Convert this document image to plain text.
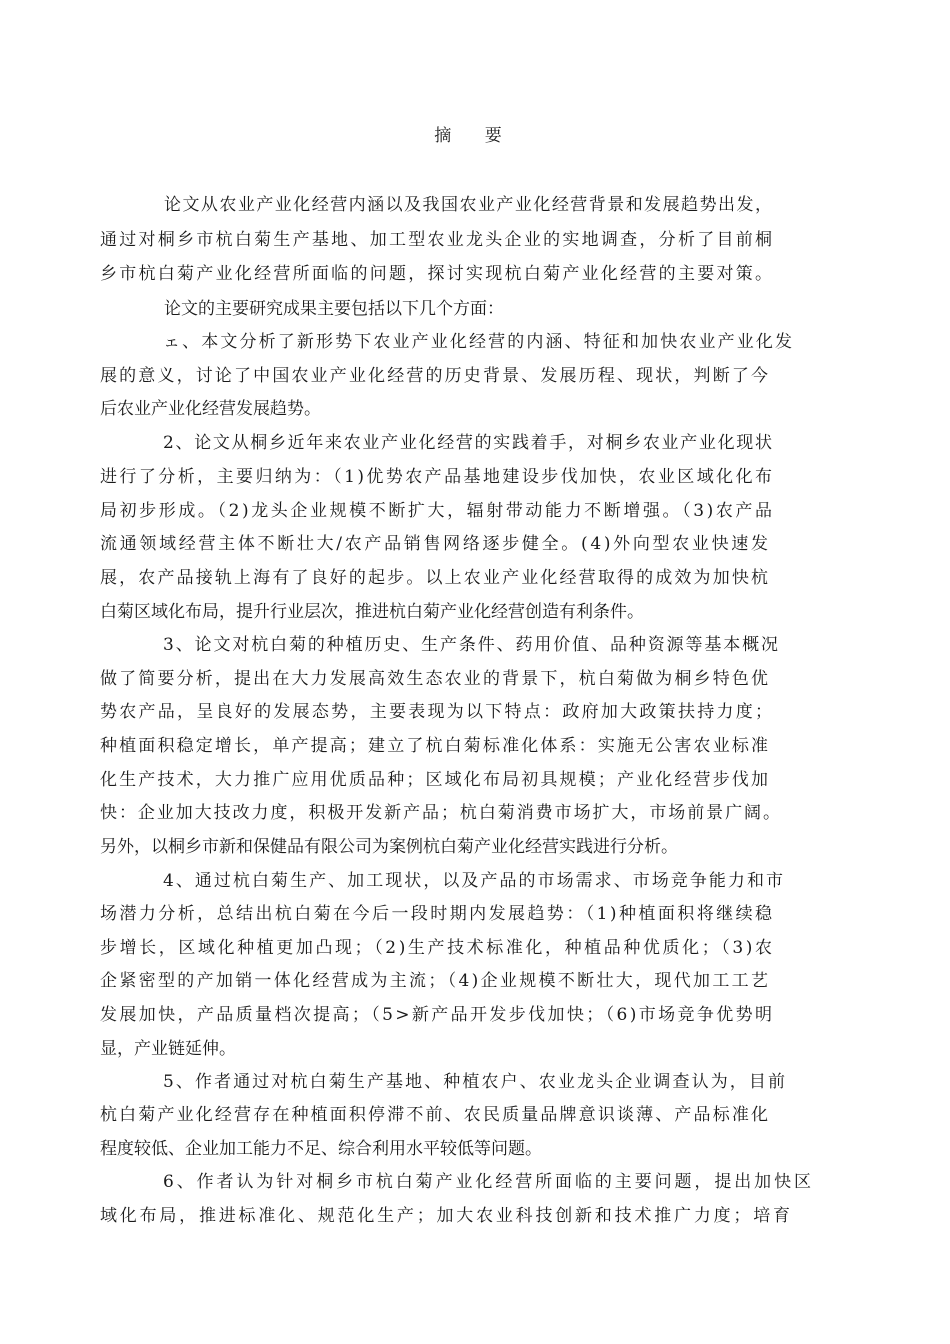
摘 要
论文从农业产业化经营内涵以及我国农业产业化经营背景和发展趋势出发，
通过对桐乡市杭白菊生产基地、加工型农业龙头企业的实地调查，分析了目前桐
乡市杭白菊产业化经营所面临的问题，探讨实现杭白菊产业化经营的主要对策。
论文的主要研究成果主要包括以下几个方面：
ェ、本文分析了新形势下农业产业化经营的内涵、特征和加快农业产业化发
展的意义，讨论了中国农业产业化经营的历史背景、发展历程、现状，判断了今
后农业产业化经营发展趋势。
2、论文从桐乡近年来农业产业化经营的实践着手，对桐乡农业产业化现状
进行了分析，主要归纳为：（1)优势农产品基地建设步伐加快，农业区域化化布
局初步形成。（2)龙头企业规模不断扩大，辐射带动能力不断增强。（3)农产品
流通领域经营主体不断壮大/农产品销售网络逐步健全。(4)外向型农业快速发
展，农产品接轨上海有了良好的起步。以上农业产业化经营取得的成效为加快杭
白菊区域化布局，提升行业层次，推进杭白菊产业化经营创造有利条件。
3、论文对杭白菊的种植历史、生产条件、药用价值、品种资源等基本概况
做了简要分析，提出在大力发展高效生态农业的背景下，杭白菊做为桐乡特色优
势农产品，呈良好的发展态势，主要表现为以下特点：政府加大政策扶持力度；
种植面积稳定增长，单产提高；建立了杭白菊标准化体系：实施无公害农业标准
化生产技术，大力推广应用优质品种；区域化布局初具规模；产业化经营步伐加
快：企业加大技改力度，积极开发新产品；杭白菊消费市场扩大，市场前景广阔。
另外，以桐乡市新和保健品有限公司为案例杭白菊产业化经营实践进行分析。
4、通过杭白菊生产、加工现状，以及产品的市场需求、市场竞争能力和市
场潜力分析，总结出杭白菊在今后一段时期内发展趋势：（1)种植面积将继续稳
步增长，区域化种植更加凸现；（2)生产技术标准化，种植品种优质化；（3)农
企紧密型的产加销一体化经营成为主流；（4)企业规模不断壮大，现代加工工艺
发展加快，产品质量档次提高；（5>新产品开发步伐加快；（6)市场竞争优势明
显，产业链延伸。
5、作者通过对杭白菊生产基地、种植农户、农业龙头企业调查认为，目前
杭白菊产业化经营存在种植面积停滞不前、农民质量品牌意识谈薄、产品标准化
程度较低、企业加工能力不足、综合利用水平较低等问题。
6、作者认为针对桐乡市杭白菊产业化经营所面临的主要问题，提出加快区
域化布局，推进标准化、规范化生产；加大农业科技创新和技术推广力度；培育
